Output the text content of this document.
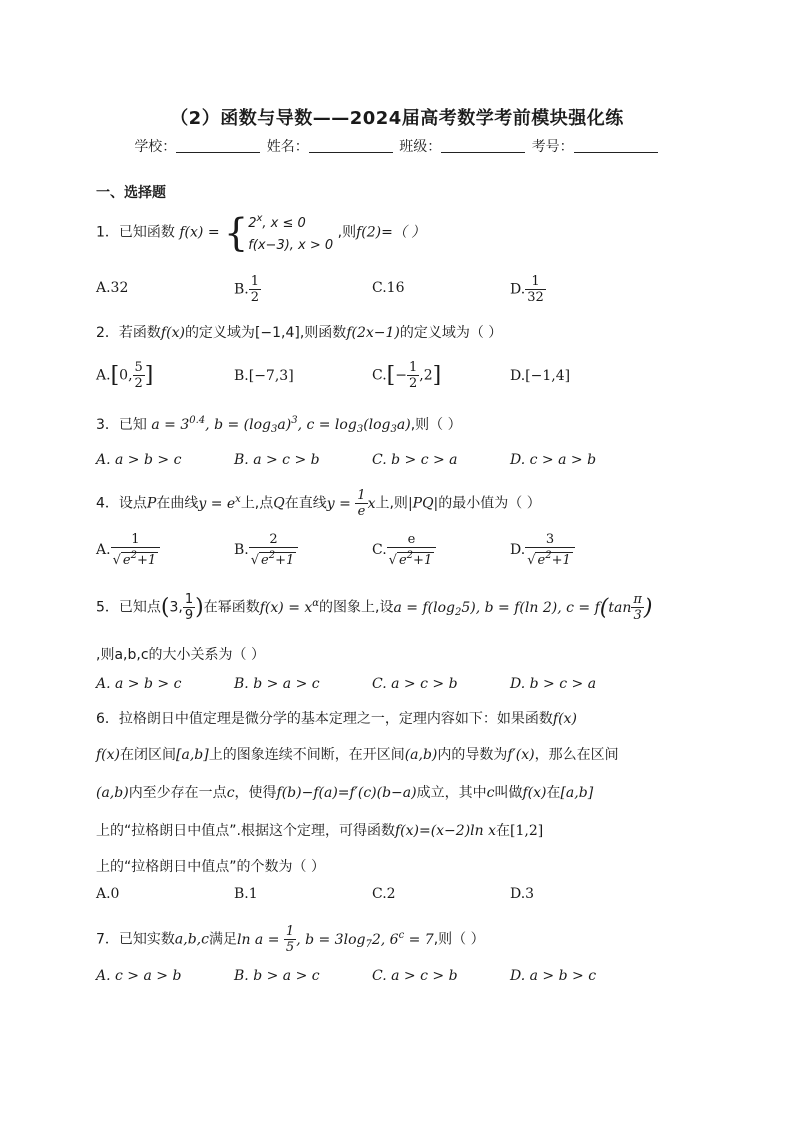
（2）函数与导数——2024届高考数学考前模块强化练
学校：	姓名：	班级：	考号：
一、选择题
1．已知函数 $f(x) = \{2^x$, x ≤ 0
f(x−3), x > 0 ,则f(2)=（ ）
A.32	B. $\frac{1}{2}$	C.16	D. $\frac{1}{32}$
2．若函数f(x)的定义域为[−1,4],则函数f(2x−1)的定义域为（ ）
A.[0, $\frac{5}{2}$ ]	B.[−7,3]	$C.[- \frac{1}{2} ,2]$	D.[−1,4]
3．已知 $a = 3^{0.4}$, $b = (\log_3a)^3$, $c = \log_3(\log_3a)$,则（ ）
A. a > b > c	B. a > c > b	C. b > c > a	D. c > a > b
4．设点P在曲线$y = e^x$上,点Q在直线$y = \frac{1}{e}$ x上,则|PQ|的最小值为（ ）
A. $\frac{1}{√ e^2+1}$	B. $\frac{2}{√ e^2+1}$	C. $\frac{e}{√ e^2+1}$	D. $\frac{3}{√ e^2+1}$
5．已知点(3, $\frac{1}{9}$ )在幂函数$f(x) = x^\alpha$的图象上,设$a = f(\log_25)$, b = f(ln 2), $c = f(\tan \frac{\pi}{3}$ )
,则a,b,c的大小关系为（ ）
A. a > b > c	B. b > a > c	C. a > c > b	D. b > c > a
6．拉格朗日中值定理是微分学的基本定理之一，定理内容如下：如果函数f(x)
f(x)在闭区间[a,b]上的图象连续不间断，在开区间(a,b)内的导数为f′(x)，那么在区间
(a,b)内至少存在一点c，使得f(b)−f(a)=f′(c)(b−a)成立，其中c叫做f(x)在[a,b]
上的“拉格朗日中值点”.根据这个定理，可得函数f(x)=(x−2)ln x在[1,2]
上的“拉格朗日中值点”的个数为（ ）
A.0	B.1	C.2	D.3
7．已知实数a,b,c满足$\ln a = \frac{1}{5}$ , $b = 3\log_72$, $6^c = 7$,则（ ）
A. c > a > b	B. b > a > c	C. a > c > b	D. a > b > c
